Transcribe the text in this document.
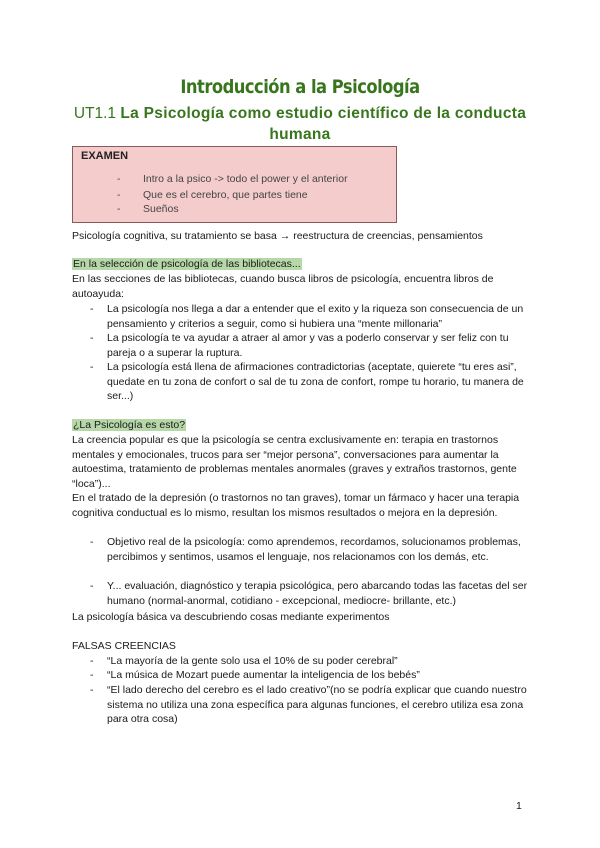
Introducción a la Psicología
UT1.1 La Psicología como estudio científico de la conducta humana
EXAMEN
- Intro a la psico -> todo el power y el anterior
- Que es el cerebro, que partes tiene
- Sueños
Psicología cognitiva, su tratamiento se basa → reestructura de creencias, pensamientos
En la selección de psicología de las bibliotecas...
En las secciones de las bibliotecas, cuando busca libros de psicología, encuentra libros de autoayuda:
- La psicología nos llega a dar a entender que el exito y la riqueza son consecuencia de un pensamiento y criterios a seguir, como si hubiera una “mente millonaria”
- La psicología te va ayudar a atraer al amor y vas a poderlo conservar y ser feliz con tu pareja o a superar la ruptura.
- La psicología está llena de afirmaciones contradictorias (aceptate, quierete “tu eres asi”, quedate en tu zona de confort o sal de tu zona de confort, rompe tu horario, tu manera de ser...)
¿La Psicología es esto?
La creencia popular es que la psicología se centra exclusivamente en: terapia en trastornos mentales y emocionales, trucos para ser “mejor persona”, conversaciones para aumentar la autoestima, tratamiento de problemas mentales anormales (graves y extraños trastornos, gente “loca”)...
En el tratado de la depresión (o trastornos no tan graves), tomar un fármaco y hacer una terapia cognitiva conductual es lo mismo, resultan los mismos resultados o mejora en la depresión.
- Objetivo real de la psicología: como aprendemos, recordamos, solucionamos problemas, percibimos y sentimos, usamos el lenguaje, nos relacionamos con los demás, etc.
- Y... evaluación, diagnóstico y terapia psicológica, pero abarcando todas las facetas del ser humano (normal-anormal, cotidiano - excepcional, mediocre- brillante, etc.)
La psicología básica va descubriendo cosas mediante experimentos
FALSAS CREENCIAS
- “La mayoría de la gente solo usa el 10% de su poder cerebral”
- “La música de Mozart puede aumentar la inteligencia de los bebés”
- “El lado derecho del cerebro es el lado creativo”(no se podría explicar que cuando nuestro sistema no utiliza una zona específica para algunas funciones, el cerebro utiliza esa zona para otra cosa)
1
